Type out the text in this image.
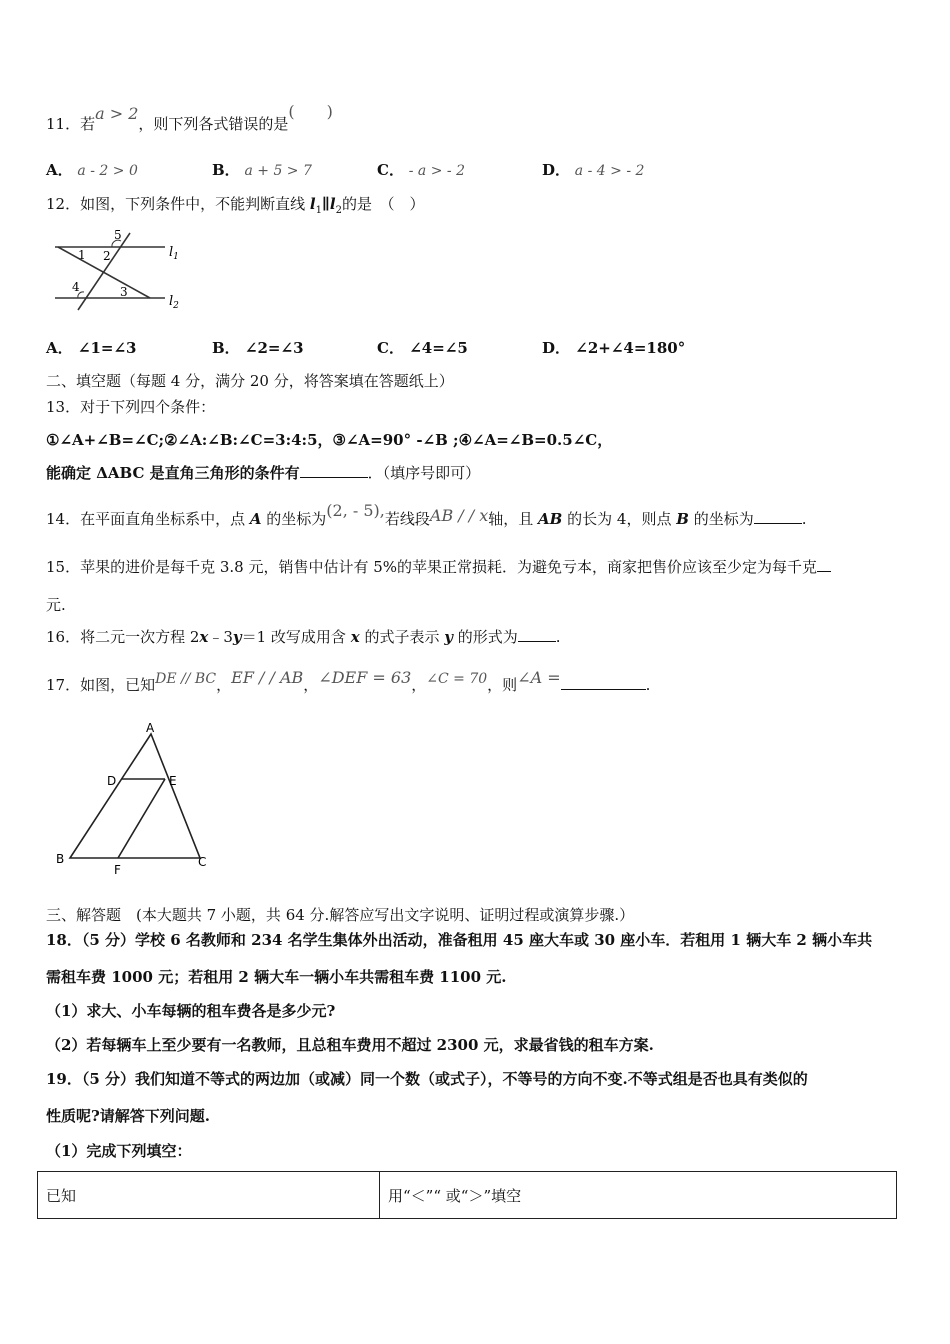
11．若a > 2，则下列各式错误的是(　　)
A． a - 2 > 0	B． a + 5 > 7	C． - a > - 2	D． a - 4 > - 2
12．如图，下列条件中，不能判断直线 $l_1\parallel l_2$的是　（　）
5
1 2
4	3
$l_1$
$l_2$
A． ∠1=∠3	B． ∠2=∠3	C． ∠4=∠5	D． ∠2+∠4=180°
二、填空题（每题 4 分，满分 20 分，将答案填在答题纸上）
13．对于下列四个条件：
①∠A+∠B=∠C;②∠A:∠B:∠C=3:4:5，③∠A=90° -∠B ;④∠A=∠B=0.5∠C，
能确定 ΔABC 是直角三角形的条件有	．（填序号即可）
14．在平面直角坐标系中，点 A 的坐标为(2, - 5),若线段AB / / x轴，且 AB 的长为 4，则点 B 的坐标为	.
15．苹果的进价是每千克 3.8 元，销售中估计有 5%的苹果正常损耗．为避免亏本，商家把售价应该至少定为每千克
元.
16．将二元一次方程 2x﹣3y＝1 改写成用含 x 的式子表示 y 的形式为	.
17．如图，已知DE // BC，EF / / AB，∠DEF = 63，∠C = 70，则∠A =	.
A
D	E
B
F
C
三、解答题　(本大题共 7 小题，共 64 分.解答应写出文字说明、证明过程或演算步骤.）
18．（5 分）学校 6 名教师和 234 名学生集体外出活动，准备租用 45 座大车或 30 座小车．若租用 1 辆大车 2 辆小车共
需租车费 1000 元；若租用 2 辆大车一辆小车共需租车费 1100 元.
（1）求大、小车每辆的租车费各是多少元?
（2）若每辆车上至少要有一名教师，且总租车费用不超过 2300 元，求最省钱的租车方案.
19．（5 分）我们知道不等式的两边加（或减）同一个数（或式子），不等号的方向不变.不等式组是否也具有类似的
性质呢?请解答下列问题.
（1）完成下列填空：
已知	用“＜”“ 或“＞”填空
